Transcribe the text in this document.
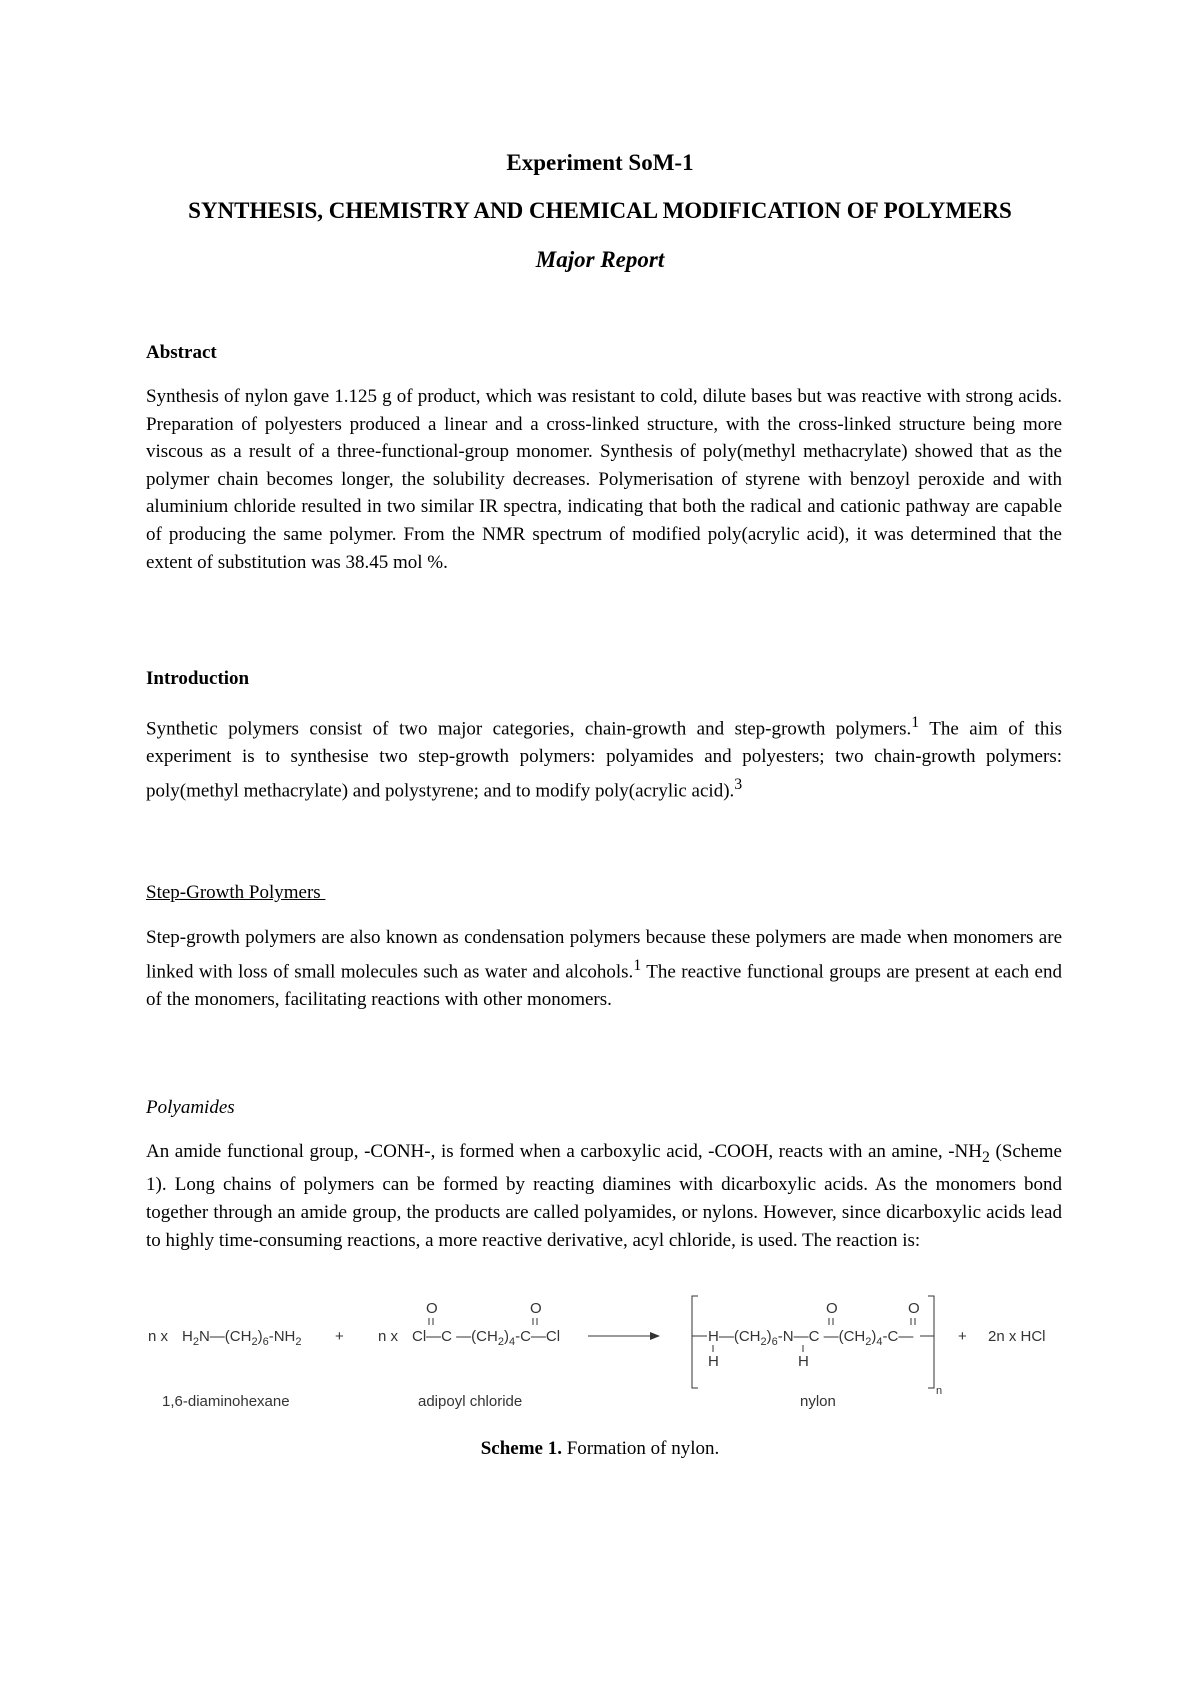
Experiment SoM-1
SYNTHESIS, CHEMISTRY AND CHEMICAL MODIFICATION OF POLYMERS
Major Report
Abstract

Synthesis of nylon gave 1.125 g of product, which was resistant to cold, dilute bases but was reactive with strong acids. Preparation of polyesters produced a linear and a cross-linked structure, with the cross-linked structure being more viscous as a result of a three-functional-group monomer. Synthesis of poly(methyl methacrylate) showed that as the polymer chain becomes longer, the solubility decreases. Polymerisation of styrene with benzoyl peroxide and with aluminium chloride resulted in two similar IR spectra, indicating that both the radical and cationic pathway are capable of producing the same polymer. From the NMR spectrum of modified poly(acrylic acid), it was determined that the extent of substitution was 38.45 mol %.

Introduction

Synthetic polymers consist of two major categories, chain-growth and step-growth polymers.$^1$ The aim of this experiment is to synthesise two step-growth polymers: polyamides and polyesters; two chain-growth polymers: poly(methyl methacrylate) and polystyrene; and to modify poly(acrylic acid).$^3$

Step-Growth Polymers

Step-growth polymers are also known as condensation polymers because these polymers are made when monomers are linked with loss of small molecules such as water and alcohols.$^1$ The reactive functional groups are present at each end of the monomers, facilitating reactions with other monomers.

Polyamides

An amide functional group, -CONH-, is formed when a carboxylic acid, -COOH, reacts with an amine, $-NH_2$ (Scheme 1). Long chains of polymers can be formed by reacting diamines with dicarboxylic acids. As the monomers bond together through an amide group, the products are called polyamides, or nylons. However, since dicarboxylic acids lead to highly time-consuming reactions, a more reactive derivative, acyl chloride, is used. The reaction is:

n x $H_2N—(CH_2)_6-NH_2 + n$ x Cl—C $—(CH_2)_4-C—Cl$
O	O
$H—(CH_2)_6-N—C$ $—(CH_2)_4-C—$
O	O
H	H
n
+ 2n x HCl
1,6-diaminohexane	adipoyl chloride	nylon
Scheme 1. Formation of nylon.
